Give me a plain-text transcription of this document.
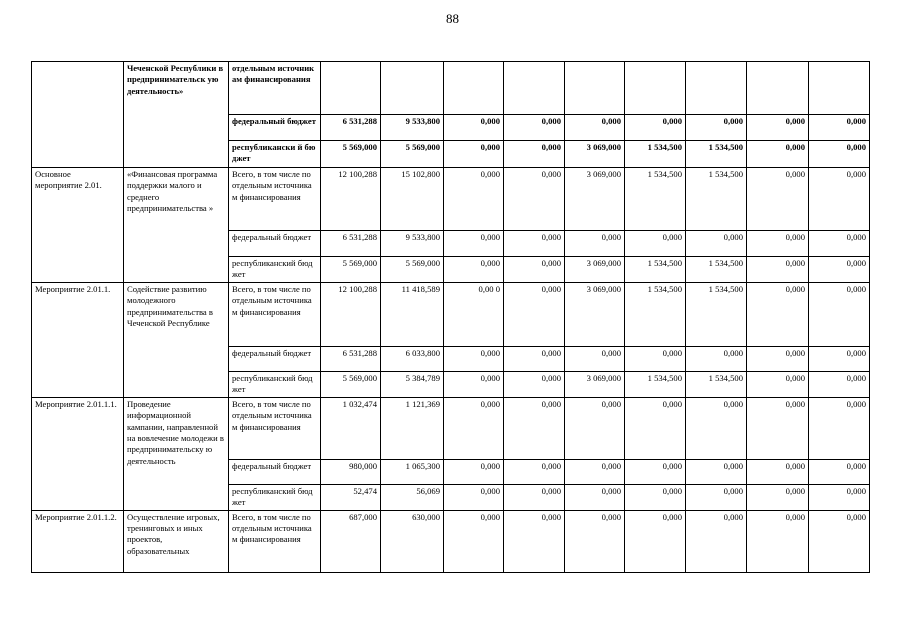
88
	Чеченской Республики в предпринимательск ую деятельность»	отдельным источникам финансирования									
		федеральный бюджет	6 531,288	9 533,800	0,000	0,000	0,000	0,000	0,000	0,000	0,000
		республикански й бюджет	5 569,000	5 569,000	0,000	0,000	3 069,000	1 534,500	1 534,500	0,000	0,000
Основное мероприятие 2.01.	«Финансовая программа поддержки малого и среднего предпринимательства »	Всего, в том числе по отдельным источникам финансирования	12 100,288	15 102,800	0,000	0,000	3 069,000	1 534,500	1 534,500	0,000	0,000
		федеральный бюджет	6 531,288	9 533,800	0,000	0,000	0,000	0,000	0,000	0,000	0,000
		республиканский бюджет	5 569,000	5 569,000	0,000	0,000	3 069,000	1 534,500	1 534,500	0,000	0,000
Мероприятие 2.01.1.	Содействие развитию молодежного предпринимательства в Чеченской Республике	Всего, в том числе по отдельным источникам финансирования	12 100,288	11 418,589	0,00 0	0,000	3 069,000	1 534,500	1 534,500	0,000	0,000
		федеральный бюджет	6 531,288	6 033,800	0,000	0,000	0,000	0,000	0,000	0,000	0,000
		республиканский бюджет	5 569,000	5 384,789	0,000	0,000	3 069,000	1 534,500	1 534,500	0,000	0,000
Мероприятие 2.01.1.1.	Проведение информационной кампании, направленной на вовлечение молодежи в предпринимательску ю деятельность	Всего, в том числе по отдельным источникам финансирования	1 032,474	1 121,369	0,000	0,000	0,000	0,000	0,000	0,000	0,000
		федеральный бюджет	980,000	1 065,300	0,000	0,000	0,000	0,000	0,000	0,000	0,000
		республиканский бюджет	52,474	56,069	0,000	0,000	0,000	0,000	0,000	0,000	0,000
Мероприятие 2.01.1.2.	Осуществление игровых, тренинговых и иных проектов, образовательных	Всего, в том числе по отдельным источникам финансирования	687,000	630,000	0,000	0,000	0,000	0,000	0,000	0,000	0,000
